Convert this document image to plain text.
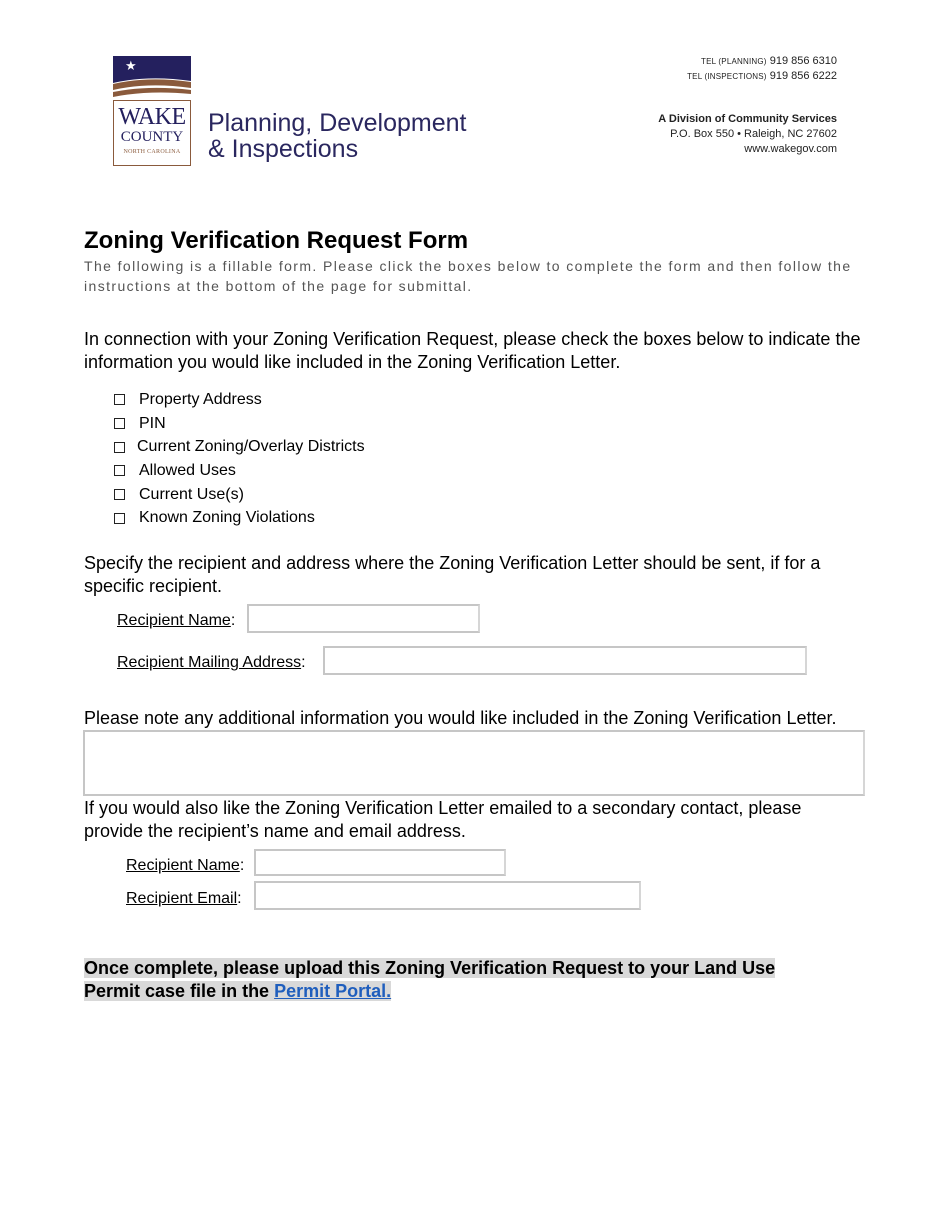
★
WAKE
COUNTY
NORTH CAROLINA
Planning, Development
& Inspections
TEL (PLANNING) 919 856 6310
TEL (INSPECTIONS) 919 856 6222
A Division of Community Services
P.O. Box 550 • Raleigh, NC 27602
www.wakegov.com
Zoning Verification Request Form
The following is a fillable form. Please click the boxes below to complete the form and then follow the instructions at the bottom of the page for submittal.
In connection with your Zoning Verification Request, please check the boxes below to indicate the information you would like included in the Zoning Verification Letter.
Property Address
PIN
Current Zoning/Overlay Districts
Allowed Uses
Current Use(s)
Known Zoning Violations
Specify the recipient and address where the Zoning Verification Letter should be sent, if for a specific recipient.
Recipient Name:
Recipient Mailing Address:
Please note any additional information you would like included in the Zoning Verification Letter.
If you would also like the Zoning Verification Letter emailed to a secondary contact, please provide the recipient’s name and email address.
Recipient Name:
Recipient Email:
Once complete, please upload this Zoning Verification Request to your Land Use Permit case file in the Permit Portal.
